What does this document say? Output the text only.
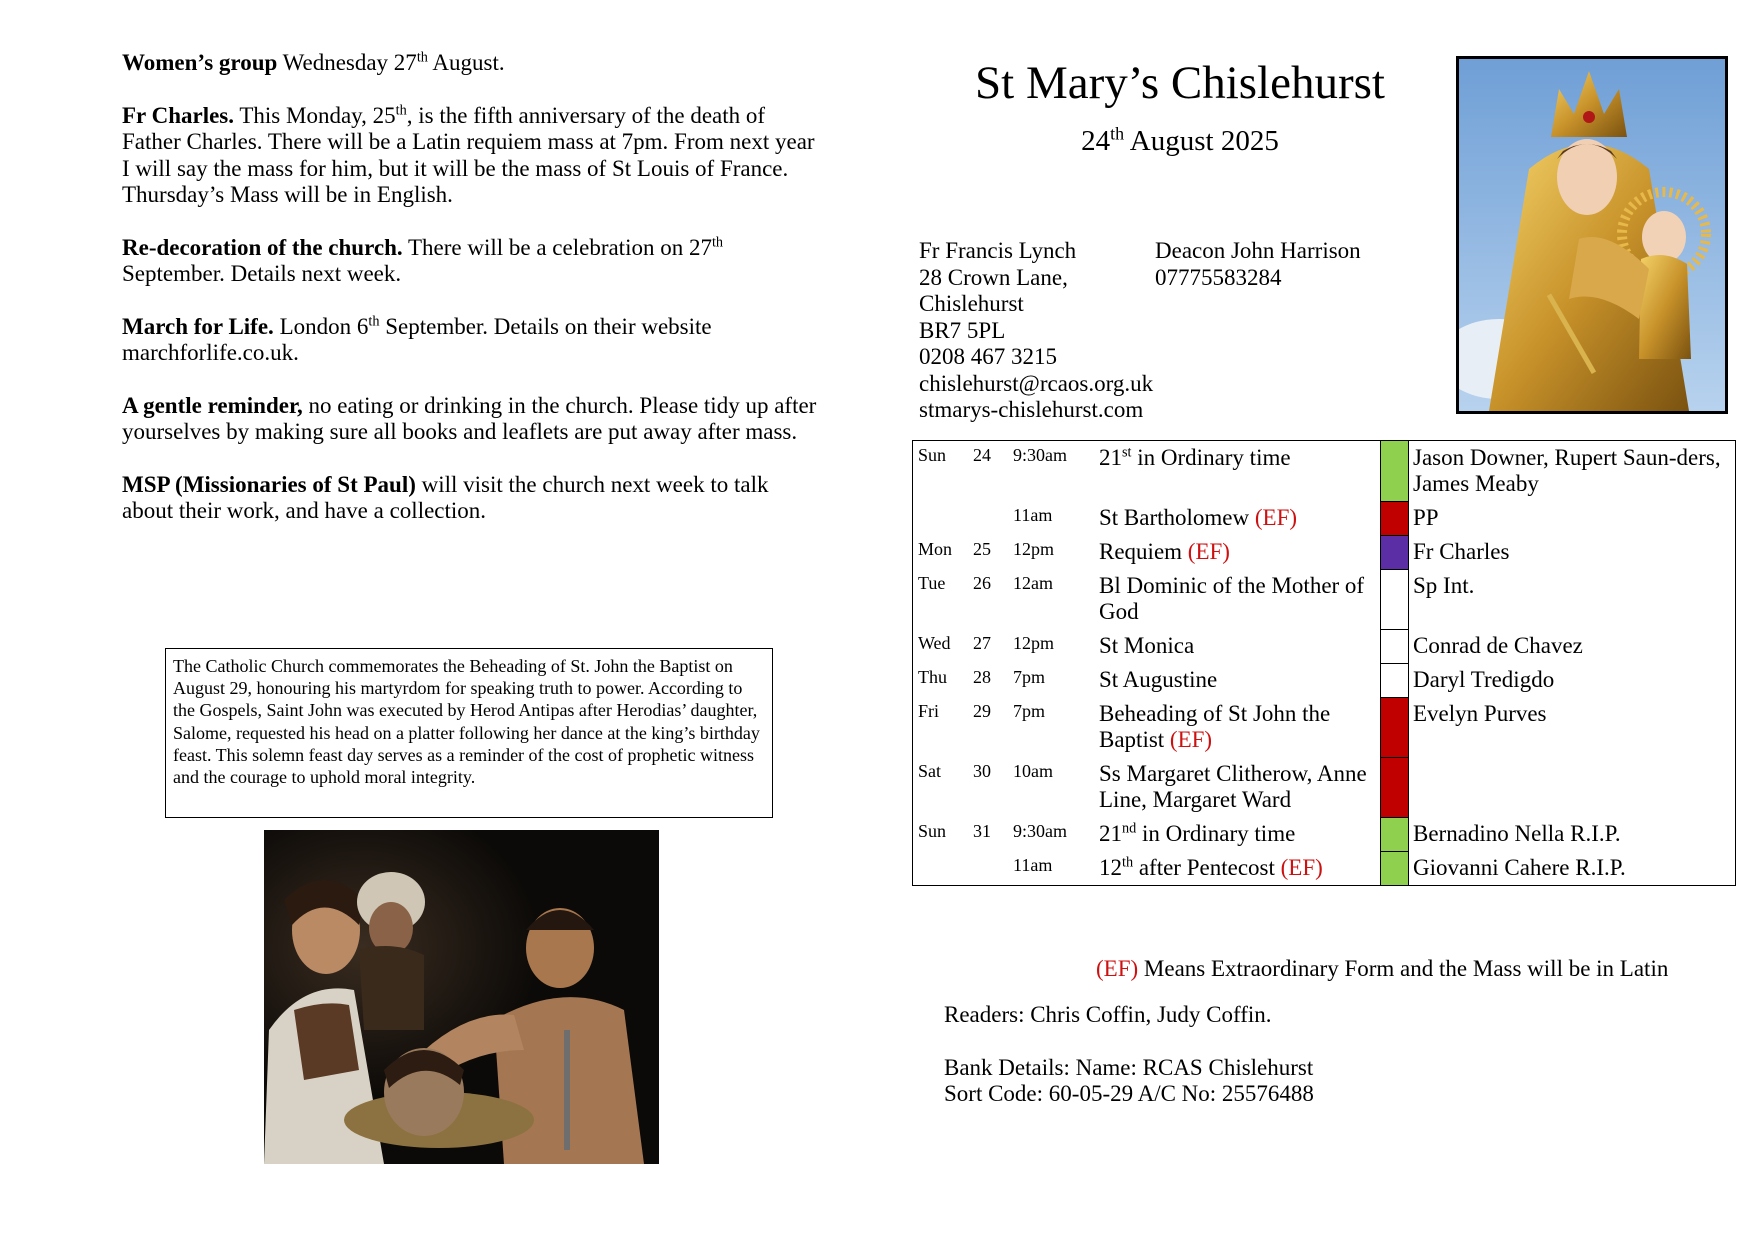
Women’s group Wednesday 27th August.
Fr Charles. This Monday, 25th, is the fifth anniversary of the death of Father Charles. There will be a Latin requiem mass at 7pm. From next year I will say the mass for him, but it will be the mass of St Louis of France. Thursday’s Mass will be in English.
Re-decoration of the church. There will be a celebration on 27th September. Details next week.
March for Life. London 6th September. Details on their website marchforlife.co.uk.
A gentle reminder, no eating or drinking in the church. Please tidy up after yourselves by making sure all books and leaflets are put away after mass.
MSP (Missionaries of St Paul) will visit the church next week to talk about their work, and have a collection.
The Catholic Church commemorates the Beheading of St. John the Baptist on August 29, honouring his martyrdom for speaking truth to power. According to the Gospels, Saint John was executed by Herod Antipas after Herodias’ daughter, Salome, requested his head on a platter following her dance at the king’s birthday feast. This solemn feast day serves as a reminder of the cost of prophetic witness and the courage to uphold moral integrity.
St Mary’s Chislehurst
24th August 2025
Fr Francis Lynch
28 Crown Lane,
Chislehurst
BR7 5PL
0208 467 3215
chislehurst@rcaos.org.uk
stmarys-chislehurst.com
Deacon John Harrison
07775583284
Sun	24	9:30am	21st in Ordinary time		Jason Downer, Rupert Saun-ders, James Meaby
		11am	St Bartholomew (EF)		PP
Mon	25	12pm	Requiem (EF)		Fr Charles
Tue	26	12am	Bl Dominic of the Mother of God		Sp Int.
Wed	27	12pm	St Monica		Conrad de Chavez
Thu	28	7pm	St Augustine		Daryl Tredigdo
Fri	29	7pm	Beheading of St John the Baptist (EF)		Evelyn Purves
Sat	30	10am	Ss Margaret Clitherow, Anne Line, Margaret Ward		
Sun	31	9:30am	21nd in Ordinary time		Bernadino Nella R.I.P.
		11am	12th after Pentecost (EF)		Giovanni Cahere R.I.P.
(EF) Means Extraordinary Form and the Mass will be in Latin
Readers: Chris Coffin, Judy Coffin.
Bank Details: Name: RCAS Chislehurst
Sort Code: 60-05-29 A/C No: 25576488
